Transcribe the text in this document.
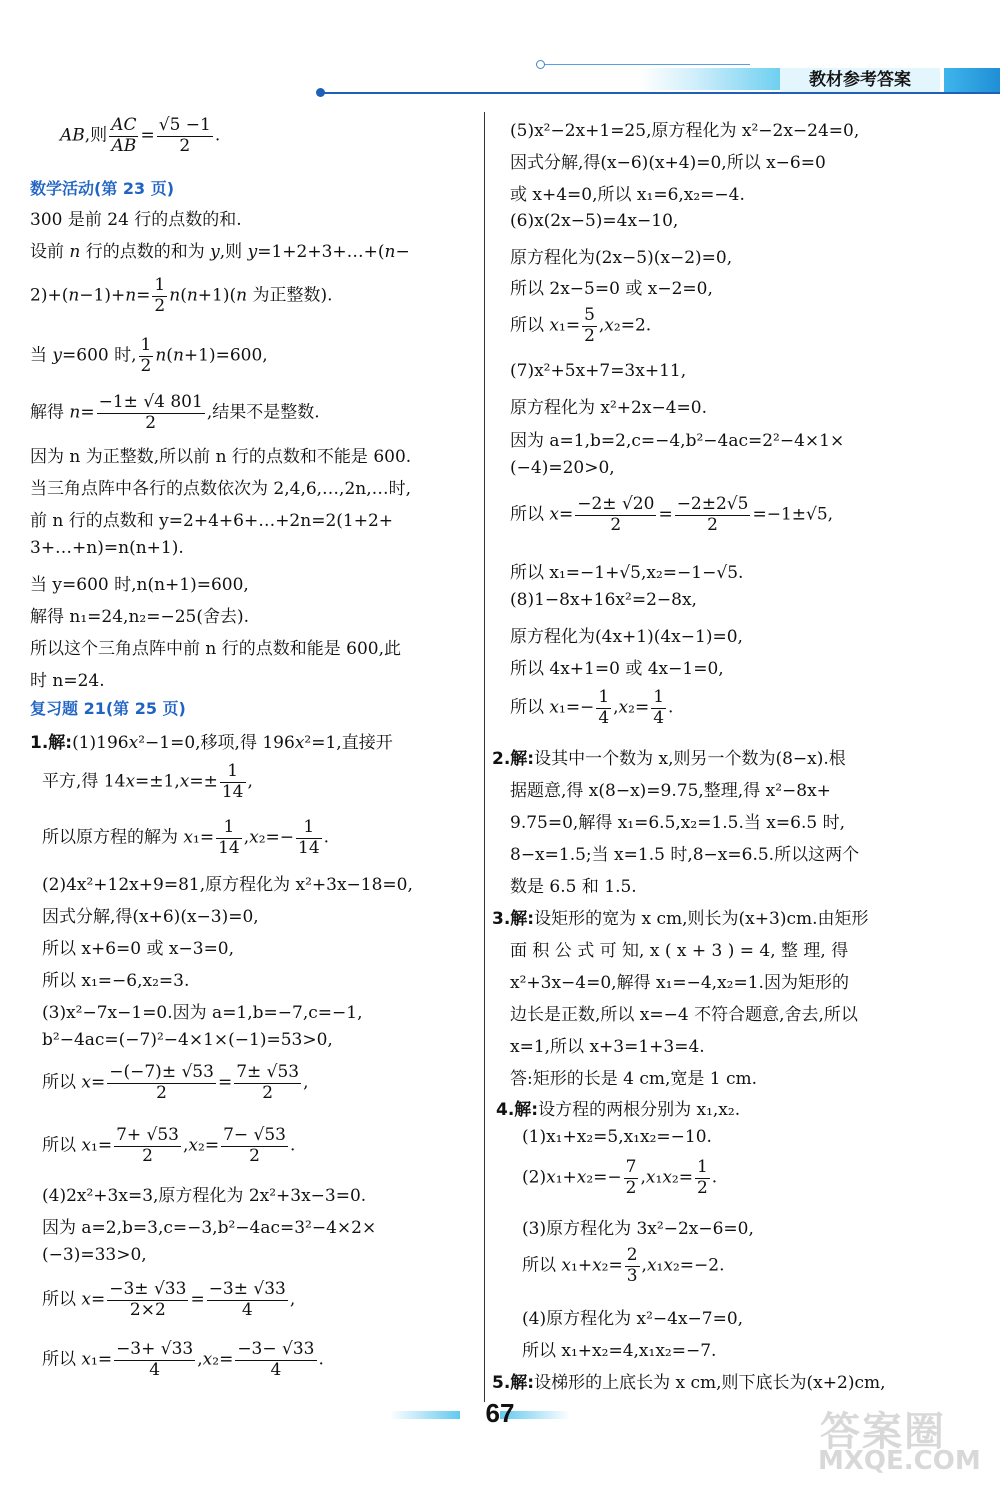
教材参考答案
AB,则 $\frac{AC}{AB} = \frac{√5 -1}{2}$ .
数学活动(第 23 页)
300 是前 24 行的点数的和.
设前 n 行的点数的和为 y,则 y=1+2+3+…+(n−
$2)+(n-1)+n= \frac{1}{2} n(n+1)(n$ 为正整数).
当 y=600 时, $\frac{1}{2} n(n+1)=600$,
解得 $n= \frac{-1\pm √4 801}{2}$ ,结果不是整数.
因为 n 为正整数,所以前 n 行的点数和不能是 600.
当三角点阵中各行的点数依次为 2,4,6,…,2n,…时,
前 n 行的点数和 y=2+4+6+…+2n=2(1+2+
3+…+n)=n(n+1).
当 y=600 时,n(n+1)=600,
解得 n₁=24,n₂=−25(舍去).
所以这个三角点阵中前 n 行的点数和能是 600,此
时 n=24.
复习题 21(第 25 页)
1.解:(1)196x²−1=0,移项,得 196x²=1,直接开
平方,得 $14x=\pm 1,x=\pm \frac{1}{14}$ ,
所以原方程的解为 $x_1= \frac{1}{14} ,x_2=- \frac{1}{14}$ .
(2)4x²+12x+9=81,原方程化为 x²+3x−18=0,
因式分解,得(x+6)(x−3)=0,
所以 x+6=0 或 x−3=0,
所以 x₁=−6,x₂=3.
(3)x²−7x−1=0.因为 a=1,b=−7,c=−1,
b²−4ac=(−7)²−4×1×(−1)=53>0,
所以 $x= \frac{-(-7)\pm √53}{2} = \frac{7\pm √53}{2}$ ,
所以 $x_1= \frac{7+ √53}{2} ,x_2= \frac{7- √53}{2}$ .
(4)2x²+3x=3,原方程化为 2x²+3x−3=0.
因为 a=2,b=3,c=−3,b²−4ac=3²−4×2×
(−3)=33>0,
所以 $x= \frac{-3\pm √33}{2\times 2} = \frac{-3\pm √33}{4}$ ,
所以 $x_1= \frac{-3+ √33}{4} ,x_2= \frac{-3- √33}{4}$ .
(5)x²−2x+1=25,原方程化为 x²−2x−24=0,
因式分解,得(x−6)(x+4)=0,所以 x−6=0
或 x+4=0,所以 x₁=6,x₂=−4.
(6)x(2x−5)=4x−10,
原方程化为(2x−5)(x−2)=0,
所以 2x−5=0 或 x−2=0,
所以 $x_1= \frac{5}{2} ,x_2=2$.
(7)x²+5x+7=3x+11,
原方程化为 x²+2x−4=0.
因为 a=1,b=2,c=−4,b²−4ac=2²−4×1×
(−4)=20>0,
所以 $x= \frac{-2\pm √20}{2} = \frac{-2\pm 2√5}{2} =-1\pm√5$,
所以 x₁=−1+√5,x₂=−1−√5.
(8)1−8x+16x²=2−8x,
原方程化为(4x+1)(4x−1)=0,
所以 4x+1=0 或 4x−1=0,
所以 $x_1=- \frac{1}{4} ,x_2= \frac{1}{4}$ .
2.解:设其中一个数为 x,则另一个数为(8−x).根
据题意,得 x(8−x)=9.75,整理,得 x²−8x+
9.75=0,解得 x₁=6.5,x₂=1.5.当 x=6.5 时,
8−x=1.5;当 x=1.5 时,8−x=6.5.所以这两个
数是 6.5 和 1.5.
3.解:设矩形的宽为 x cm,则长为(x+3)cm.由矩形
面 积 公 式 可 知, x ( x + 3 ) = 4, 整 理, 得
x²+3x−4=0,解得 x₁=−4,x₂=1.因为矩形的
边长是正数,所以 x=−4 不符合题意,舍去,所以
x=1,所以 x+3=1+3=4.
答:矩形的长是 4 cm,宽是 1 cm.
4.解:设方程的两根分别为 x₁,x₂.
(1)x₁+x₂=5,x₁x₂=−10.
$(2)x_1+x_2=- \frac{7}{2} ,x_1x_2= \frac{1}{2}$ .
(3)原方程化为 3x²−2x−6=0,
所以 $x_1+x_2= \frac{2}{3} ,x_1x_2=-2$.
(4)原方程化为 x²−4x−7=0,
所以 x₁+x₂=4,x₁x₂=−7.
5.解:设梯形的上底长为 x cm,则下底长为(x+2)cm,
67	答案圈
MXQE.COM
